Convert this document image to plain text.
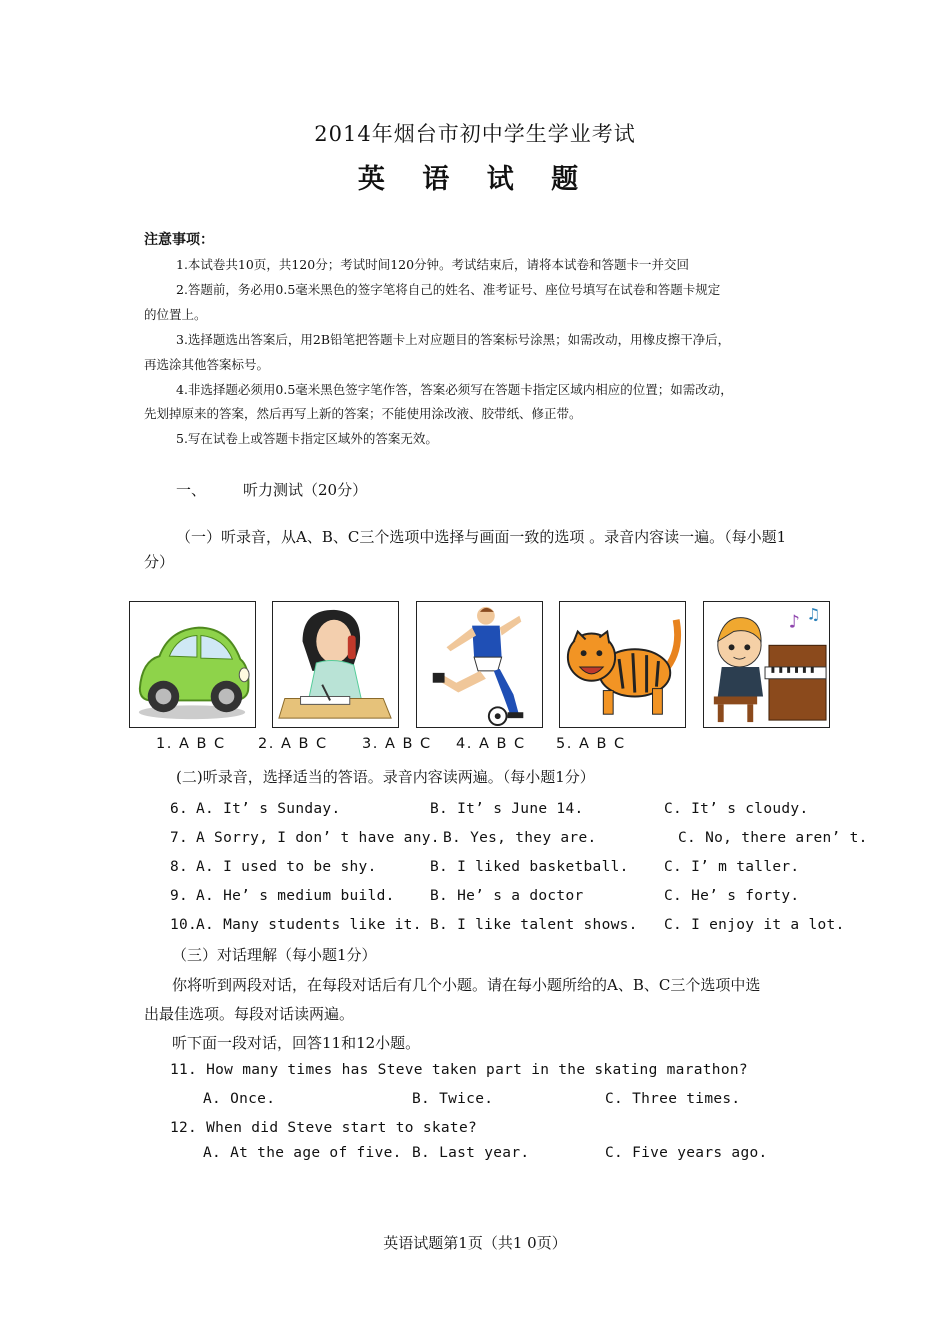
2014年烟台市初中学生学业考试
英 语 试 题
注意事项：
1.本试卷共10页，共120分；考试时间120分钟。考试结束后，请将本试卷和答题卡一并交回
2.答题前，务必用0.5毫米黑色的签字笔将自己的姓名、准考证号、座位号填写在试卷和答题卡规定
的位置上。
3.选择题选出答案后，用2B铅笔把答题卡上对应题目的答案标号涂黑；如需改动，用橡皮擦干净后，
再选涂其他答案标号。
4.非选择题必须用0.5毫米黑色签字笔作答，答案必须写在答题卡指定区域内相应的位置；如需改动，
先划掉原来的答案，然后再写上新的答案；不能使用涂改液、胶带纸、修正带。
5.写在试卷上或答题卡指定区域外的答案无效。
一、 听力测试（20分）
（一）听录音，从A、B、C三个选项中选择与画面一致的选项 。录音内容读一遍。（每小题1
分）
♪ ♫
1. A B C 2. A B C 3. A B C 4. A B C 5. A B C
(二)听录音，选择适当的答语。录音内容读两遍。（每小题1分）
6. A. It’ s Sunday.	B. It’ s June 14.	C. It’ s cloudy.
7. A Sorry, I don’ t have any. B. Yes, they are.	C. No, there aren’ t.
8. A. I used to be shy.	B. I liked basketball. C. I’ m taller.
9. A. He’ s medium build. B. He’ s a doctor	C. He’ s forty.
10.
A. Many students like it. B. I like talent shows. C. I enjoy it a lot.
（三）对话理解（每小题1分）
你将听到两段对话，在每段对话后有几个小题。请在每小题所给的A、B、C三个选项中选
出最佳选项。每段对话读两遍。
听下面一段对话，回答11和12小题。
11. How many times has Steve taken part in the skating marathon?
A. Once.	B. Twice.	C. Three times.
12. When did Steve start to skate?
A. At the age of five. B. Last year.	C. Five years ago.
英语试题第1页（共1 0页）
